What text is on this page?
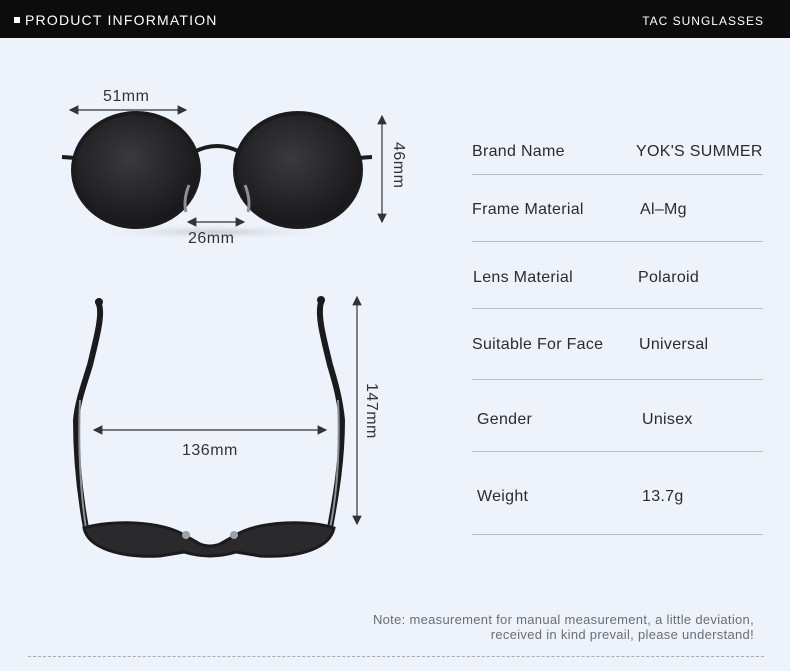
PRODUCT INFORMATION	TAC SUNGLASSES
51mm
26mm
46mm
136mm
147mm
Brand Name	YOK'S SUMMER
Frame Material	Al–Mg
Lens Material	Polaroid
Suitable For Face Universal
Gender	Unisex
Weight	13.7g
Note: measurement for manual measurement, a little deviation,
received in kind prevail, please understand!
